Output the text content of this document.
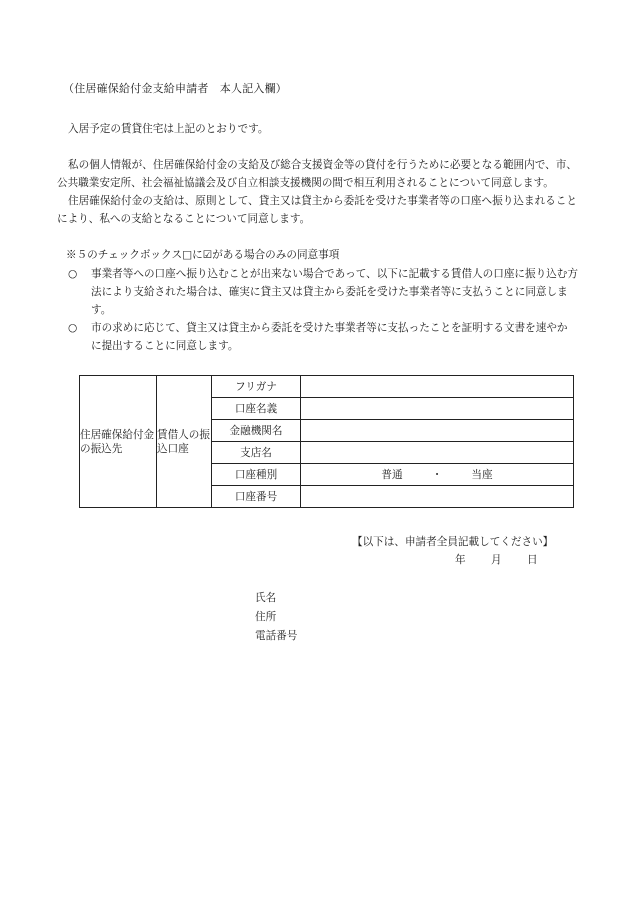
（住居確保給付金支給申請者　本人記入欄）
入居予定の賃貸住宅は上記のとおりです。
私の個人情報が、住居確保給付金の支給及び総合支援資金等の貸付を行うために必要となる範囲内で、市、公共職業安定所、社会福祉協議会及び自立相談支援機関の間で相互利用されることについて同意します。
住居確保給付金の支給は、原則として、貸主又は貸主から委託を受けた事業者等の口座へ振り込まれることにより、私への支給となることについて同意します。
※５のチェックボックス□に☑がある場合のみの同意事項
○ 事業者等への口座へ振り込むことが出来ない場合であって、以下に記載する賃借人の口座に振り込む方法により支給された場合は、確実に貸主又は貸主から委託を受けた事業者等に支払うことに同意します。
○ 市の求めに応じて、貸主又は貸主から委託を受けた事業者等に支払ったことを証明する文書を速やかに提出することに同意します。
住居確保給付金の振込先	賃借人の振込口座	フリガナ	
		口座名義	
		金融機関名	
		支店名	
		口座種別	普通 ・ 当座
		口座番号	
【以下は、申請者全員記載してください】
年 月 日
氏名
住所
電話番号
